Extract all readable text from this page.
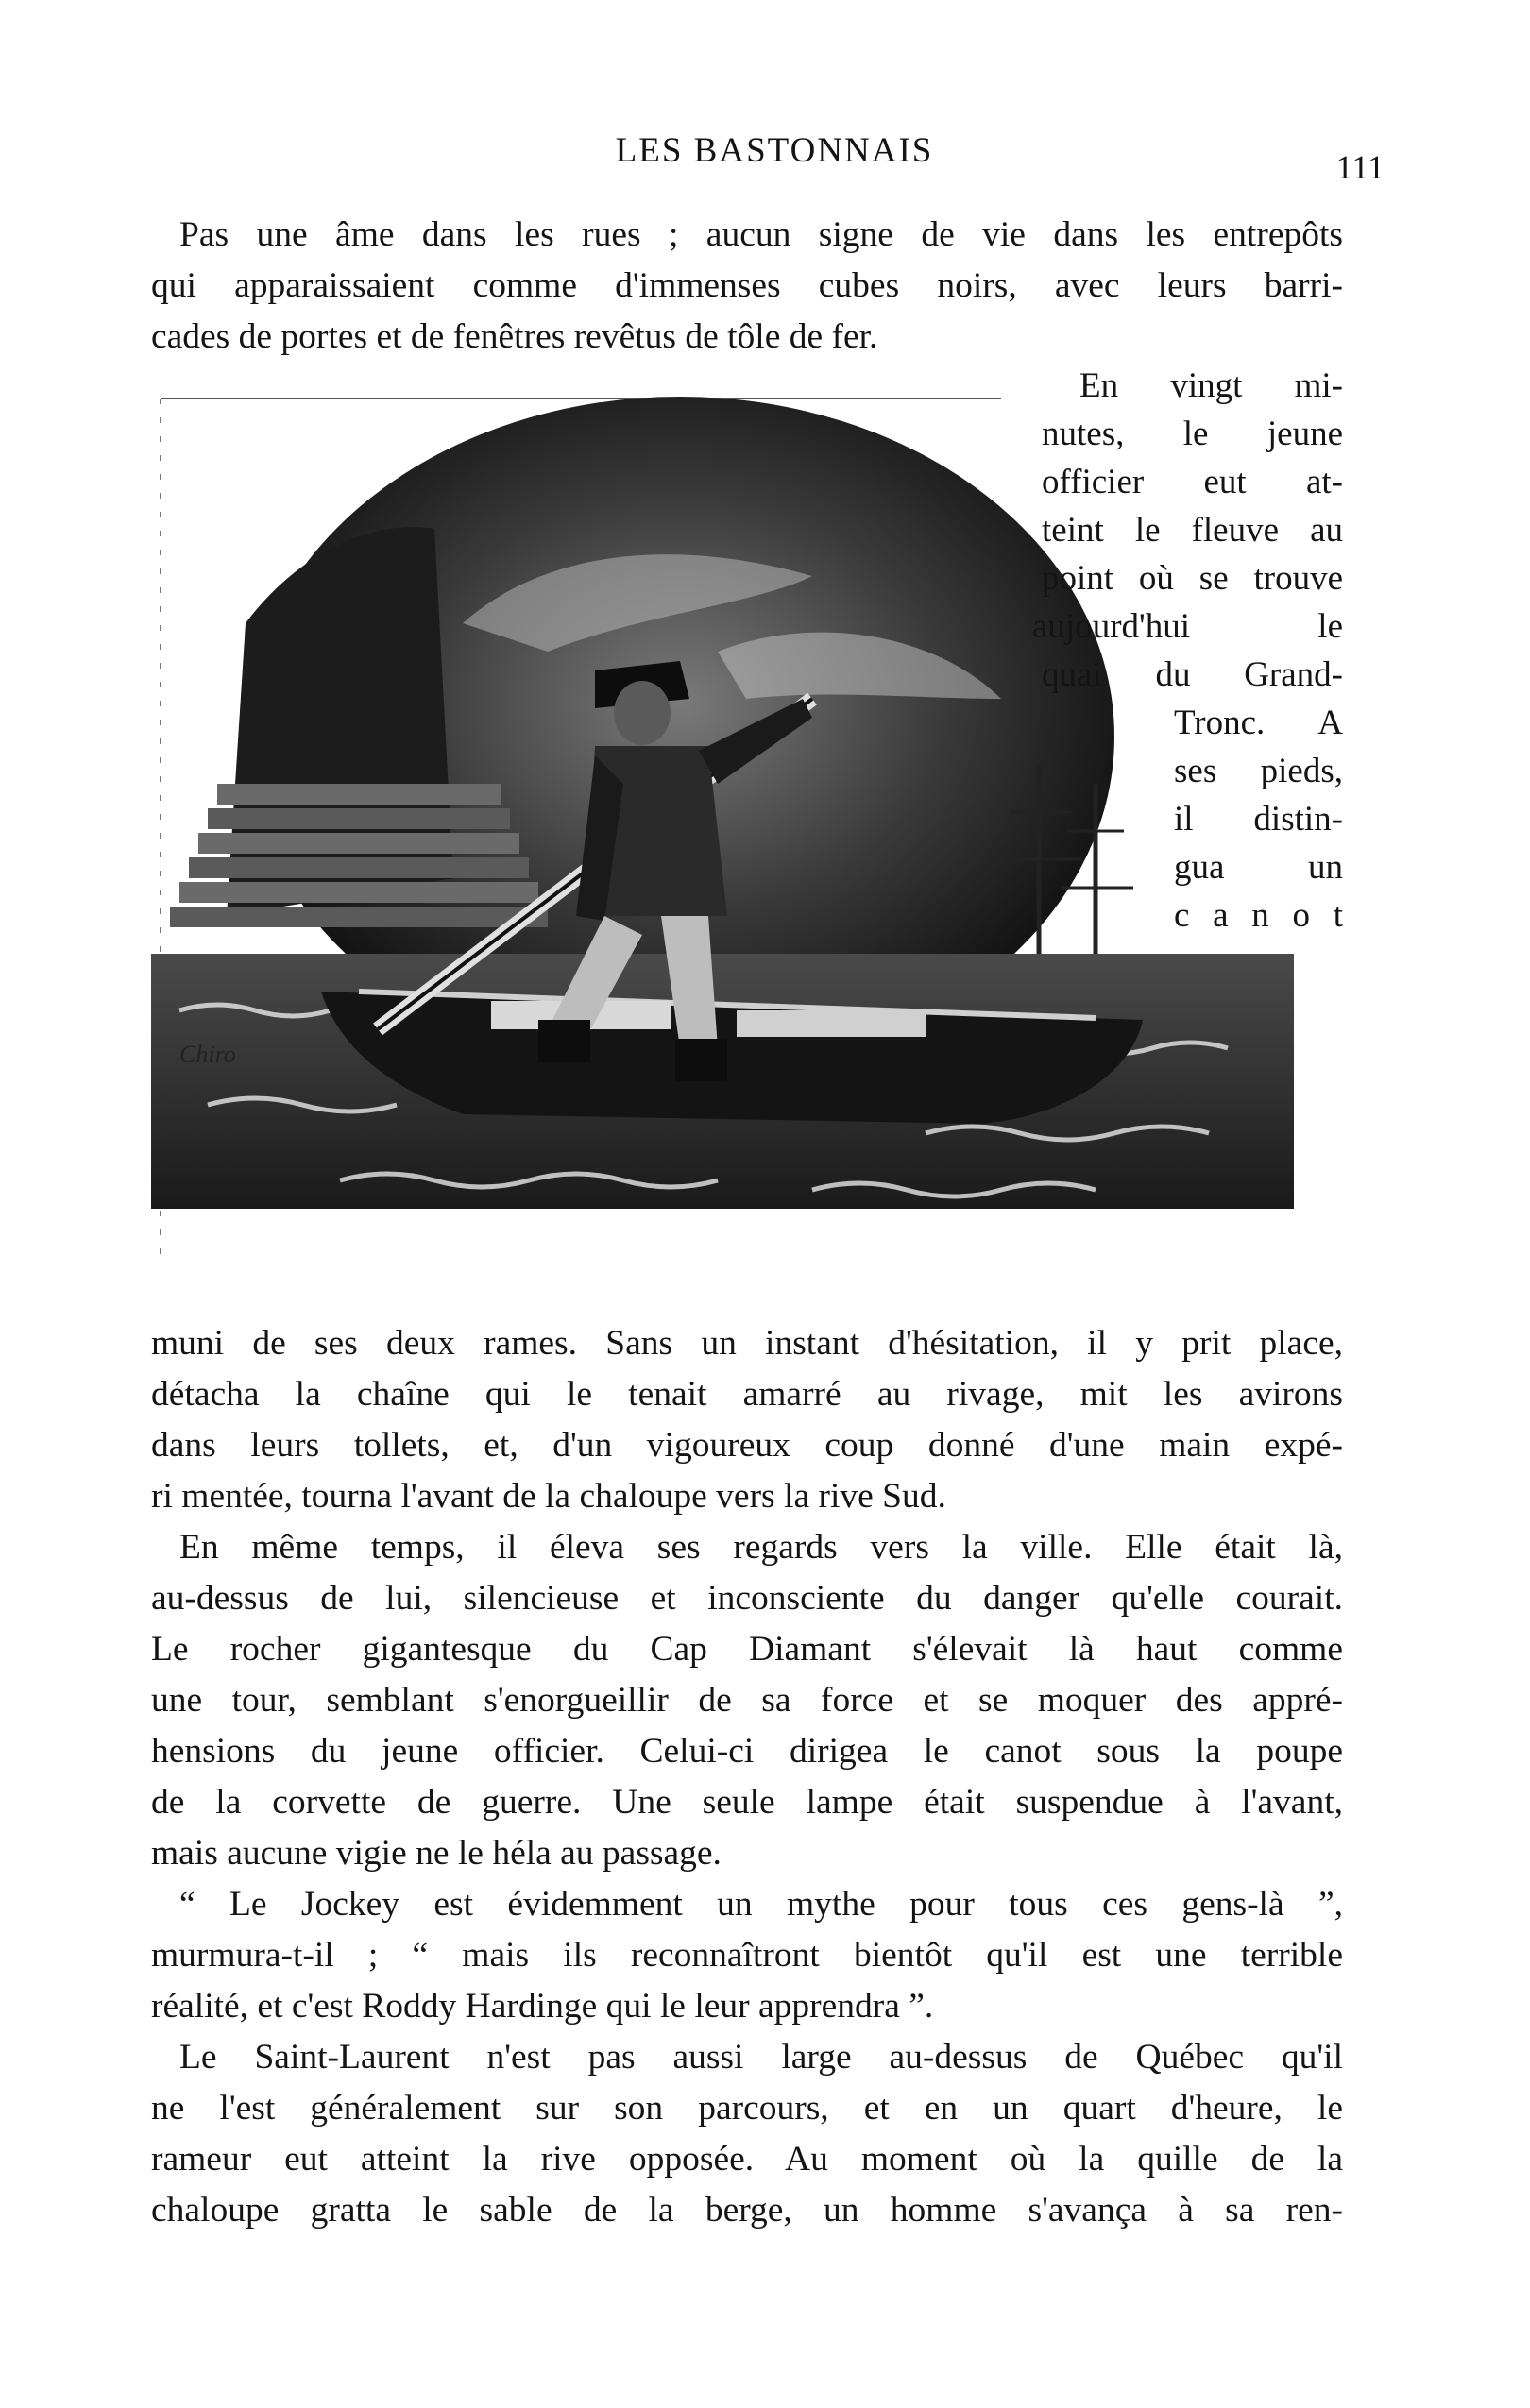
LES BASTONNAIS	111
Pas une âme dans les rues ; aucun signe de vie dans les entrepôts
qui apparaissaient comme d'immenses cubes noirs, avec leurs barri-
cades de portes et de fenêtres revêtus de tôle de fer.
Chiro
En vingt mi-
nutes, le jeune
officier eut at-
teint le fleuve au
point où se trouve
aujourd'hui le
quai du Grand-
Tronc. A
ses pieds,
il distin-
gua un
c a n o t
muni de ses deux rames. Sans un instant d'hésitation, il y prit place,
détacha la chaîne qui le tenait amarré au rivage, mit les avirons
dans leurs tollets, et, d'un vigoureux coup donné d'une main expé-
ri mentée, tourna l'avant de la chaloupe vers la rive Sud.
En même temps, il éleva ses regards vers la ville. Elle était là,
au-dessus de lui, silencieuse et inconsciente du danger qu'elle courait.
Le rocher gigantesque du Cap Diamant s'élevait là haut comme
une tour, semblant s'enorgueillir de sa force et se moquer des appré-
hensions du jeune officier. Celui-ci dirigea le canot sous la poupe
de la corvette de guerre. Une seule lampe était suspendue à l'avant,
mais aucune vigie ne le héla au passage.
“ Le Jockey est évidemment un mythe pour tous ces gens-là ”,
murmura-t-il ; “ mais ils reconnaîtront bientôt qu'il est une terrible
réalité, et c'est Roddy Hardinge qui le leur apprendra ”.
Le Saint-Laurent n'est pas aussi large au-dessus de Québec qu'il
ne l'est généralement sur son parcours, et en un quart d'heure, le
rameur eut atteint la rive opposée. Au moment où la quille de la
chaloupe gratta le sable de la berge, un homme s'avança à sa ren-
